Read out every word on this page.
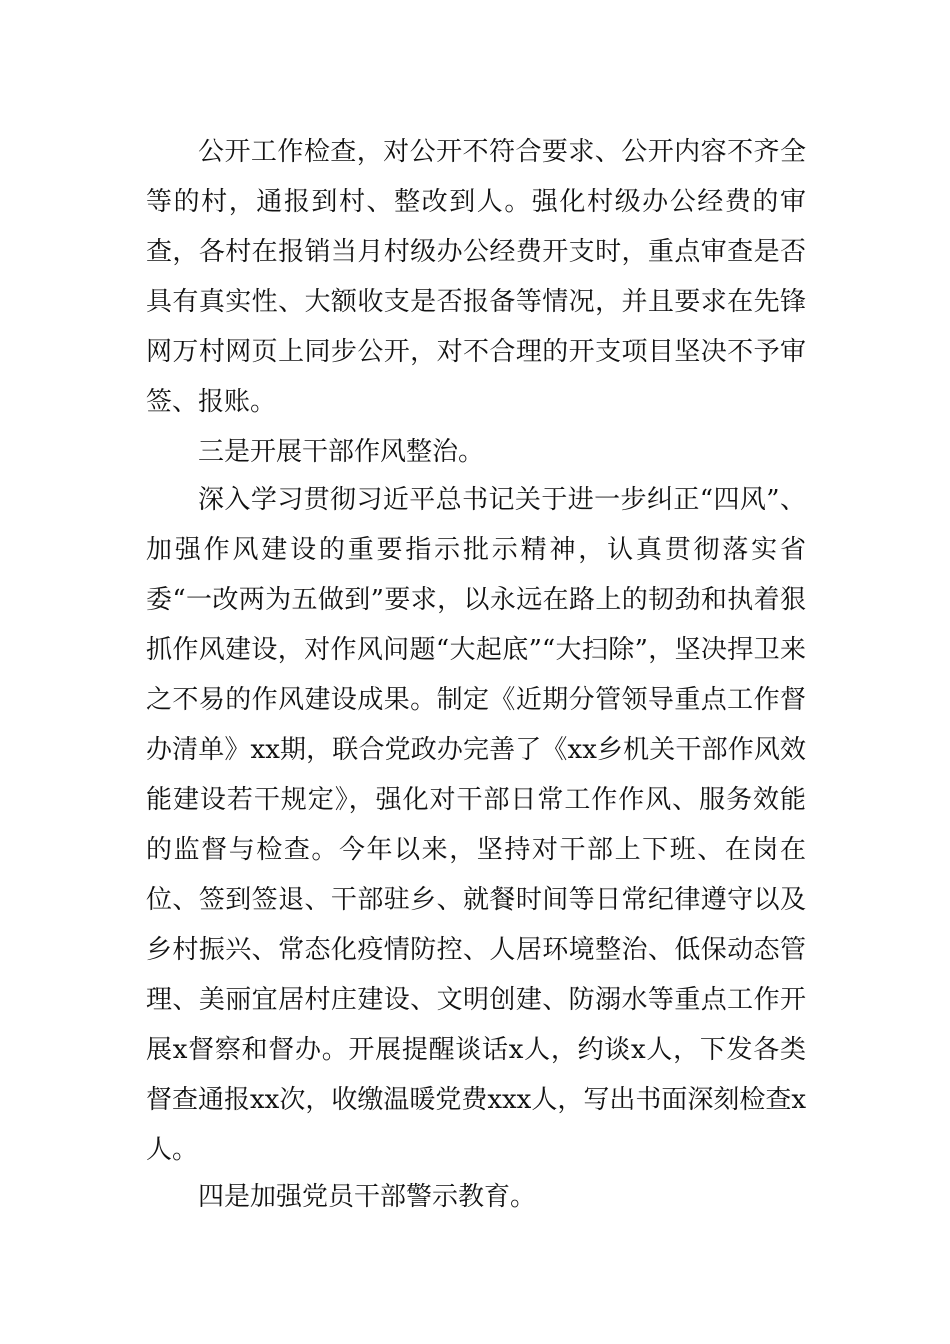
公开工作检查，对公开不符合要求、公开内容不齐全等的村，通报到村、整改到人。强化村级办公经费的审查，各村在报销当月村级办公经费开支时，重点审查是否具有真实性、大额收支是否报备等情况，并且要求在先锋网万村网页上同步公开，对不合理的开支项目坚决不予审签、报账。

三是开展干部作风整治。

深入学习贯彻习近平总书记关于进一步纠正“四风”、加强作风建设的重要指示批示精神，认真贯彻落实省委“一改两为五做到”要求，以永远在路上的韧劲和执着狠抓作风建设，对作风问题“大起底”“大扫除”，坚决捍卫来之不易的作风建设成果。制定《近期分管领导重点工作督办清单》xx期，联合党政办完善了《xx乡机关干部作风效能建设若干规定》，强化对干部日常工作作风、服务效能的监督与检查。今年以来，坚持对干部上下班、在岗在位、签到签退、干部驻乡、就餐时间等日常纪律遵守以及乡村振兴、常态化疫情防控、人居环境整治、低保动态管理、美丽宜居村庄建设、文明创建、防溺水等重点工作开展x督察和督办。开展提醒谈话x人，约谈x人，下发各类督查通报xx次，收缴温暖党费xxx人，写出书面深刻检查x人。

四是加强党员干部警示教育。
